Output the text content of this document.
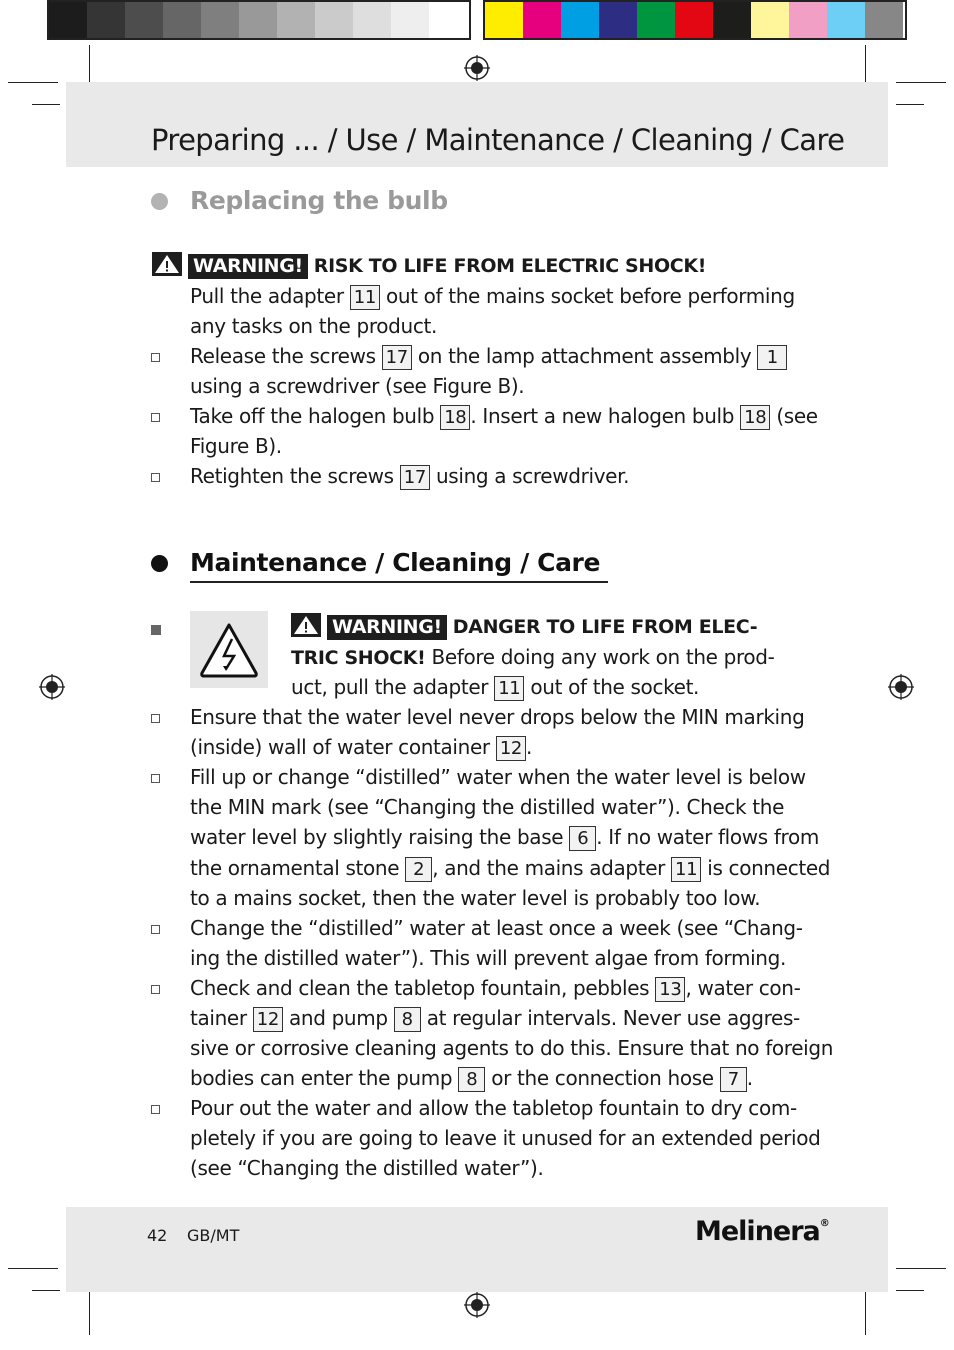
Preparing ... / Use / Maintenance / Cleaning / Care
Replacing the bulb
WARNING! RISK TO LIFE FROM ELECTRIC SHOCK!
Pull the adapter 11 out of the mains socket before performing
any tasks on the product.
Release the screws 17 on the lamp attachment assembly 1
using a screwdriver (see Figure B).
Take off the halogen bulb 18 . Insert a new halogen bulb 18 (see
Figure B).
Retighten the screws 17 using a screwdriver.
Maintenance / Cleaning / Care
WARNING! DANGER TO LIFE FROM ELEC-
TRIC SHOCK! Before doing any work on the prod-
uct, pull the adapter 11 out of the socket.
Ensure that the water level never drops below the MIN marking
(inside) wall of water container 12 .
Fill up or change “distilled” water when the water level is below
the MIN mark (see “Changing the distilled water”). Check the
water level by slightly raising the base 6 . If no water flows from
the ornamental stone 2 , and the mains adapter 11 is connected
to a mains socket, then the water level is probably too low.
Change the “distilled” water at least once a week (see “Chang-
ing the distilled water”). This will prevent algae from forming.
Check and clean the tabletop fountain, pebbles 13 , water con-
tainer 12 and pump 8 at regular intervals. Never use aggres-
sive or corrosive cleaning agents to do this. Ensure that no foreign
bodies can enter the pump 8 or the connection hose 7 .
Pour out the water and allow the tabletop fountain to dry com-
pletely if you are going to leave it unused for an extended period
(see “Changing the distilled water”).
42 GB/MT	Melinera®
